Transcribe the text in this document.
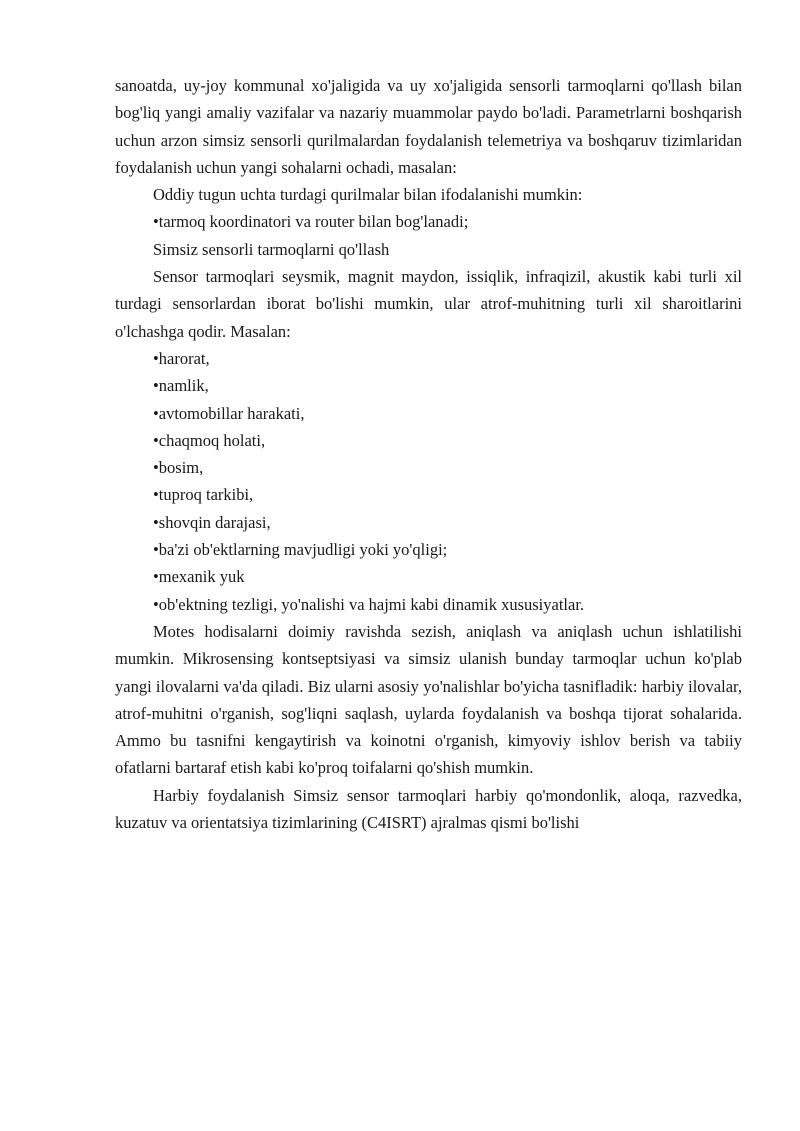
sanoatda, uy-joy kommunal xo'jaligida va uy xo'jaligida sensorli tarmoqlarni qo'llash bilan bog'liq yangi amaliy vazifalar va nazariy muammolar paydo bo'ladi. Parametrlarni boshqarish uchun arzon simsiz sensorli qurilmalardan foydalanish telemetriya va boshqaruv tizimlaridan foydalanish uchun yangi sohalarni ochadi, masalan:

Oddiy tugun uchta turdagi qurilmalar bilan ifodalanishi mumkin:

•tarmoq koordinatori va router bilan bog'lanadi;

Simsiz sensorli tarmoqlarni qo'llash

Sensor tarmoqlari seysmik, magnit maydon, issiqlik, infraqizil, akustik kabi turli xil turdagi sensorlardan iborat bo'lishi mumkin, ular atrof-muhitning turli xil sharoitlarini o'lchashga qodir. Masalan:

•harorat,

•namlik,

•avtomobillar harakati,

•chaqmoq holati,

•bosim,

•tuproq tarkibi,

•shovqin darajasi,

•ba'zi ob'ektlarning mavjudligi yoki yo'qligi;

•mexanik yuk

•ob'ektning tezligi, yo'nalishi va hajmi kabi dinamik xususiyatlar.

Motes hodisalarni doimiy ravishda sezish, aniqlash va aniqlash uchun ishlatilishi mumkin. Mikrosensing kontseptsiyasi va simsiz ulanish bunday tarmoqlar uchun ko'plab yangi ilovalarni va'da qiladi. Biz ularni asosiy yo'nalishlar bo'yicha tasnifladik: harbiy ilovalar, atrof-muhitni o'rganish, sog'liqni saqlash, uylarda foydalanish va boshqa tijorat sohalarida. Ammo bu tasnifni kengaytirish va koinotni o'rganish, kimyoviy ishlov berish va tabiiy ofatlarni bartaraf etish kabi ko'proq toifalarni qo'shish mumkin.

Harbiy foydalanish Simsiz sensor tarmoqlari harbiy qo'mondonlik, aloqa, razvedka, kuzatuv va orientatsiya tizimlarining (C4ISRT) ajralmas qismi bo'lishi
